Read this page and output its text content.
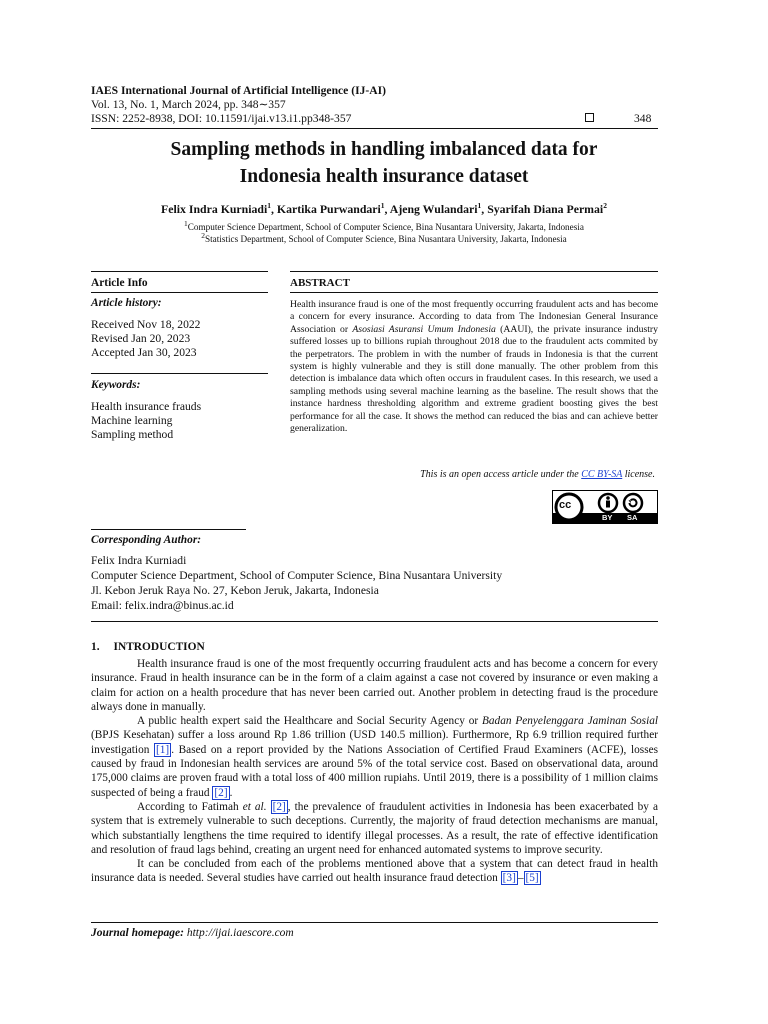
IAES International Journal of Artificial Intelligence (IJ-AI)
Vol. 13, No. 1, March 2024, pp. 348∼357
ISSN: 2252-8938, DOI: 10.11591/ijai.v13.i1.pp348-357	348
Sampling methods in handling imbalanced data for
Indonesia health insurance dataset
Felix Indra Kurniadi$^1$, Kartika Purwandari$^1$, Ajeng Wulandari$^1$, Syarifah Diana Permai$^2$
$^1$Computer Science Department, School of Computer Science, Bina Nusantara University, Jakarta, Indonesia
$^2$Statistics Department, School of Computer Science, Bina Nusantara University, Jakarta, Indonesia
Article Info
Article history:
Received Nov 18, 2022
Revised Jan 20, 2023
Accepted Jan 30, 2023
Keywords:
Health insurance frauds
Machine learning
Sampling method
ABSTRACT
Health insurance fraud is one of the most frequently occurring fraudulent acts and has become a concern for every insurance. According to data from The Indonesian General Insurance Association or Asosiasi Asuransi Umum Indonesia (AAUI), the private insurance industry suffered losses up to billions rupiah throughout 2018 due to the fraudulent acts commited by the perpetrators. The problem in with the number of frauds in Indonesia is that the current system is highly vulnerable and they is still done manually. The other problem from this detection is imbalance data which often occurs in fraudulent cases. In this research, we used a sampling methods using several machine learning as the baseline. The result shows that the instance hardness thresholding algorithm and extreme gradient boosting gives the best performance for all the case. It shows the method can reduced the bias and can achieve better generalization.
This is an open access article under the CC BY-SA license.
cc
BY SA
Corresponding Author:
Felix Indra Kurniadi
Computer Science Department, School of Computer Science, Bina Nusantara University
Jl. Kebon Jeruk Raya No. 27, Kebon Jeruk, Jakarta, Indonesia
Email: felix.indra@binus.ac.id
1. INTRODUCTION

Health insurance fraud is one of the most frequently occurring fraudulent acts and has become a concern for every insurance. Fraud in health insurance can be in the form of a claim against a case not covered by insurance or even making a claim for action on a health procedure that has never been carried out. Another problem in detecting fraud is the procedure always done in manually.

A public health expert said the Healthcare and Social Security Agency or Badan Penyelenggara Jaminan Sosial (BPJS Kesehatan) suffer a loss around Rp 1.86 trillion (USD 140.5 million). Furthermore, Rp 6.9 trillion required further investigation [1] . Based on a report provided by the Nations Association of Certified Fraud Examiners (ACFE), losses caused by fraud in Indonesian health services are around 5% of the total service cost. Based on observational data, around 175,000 claims are proven fraud with a total loss of 400 million rupiahs. Until 2019, there is a possibility of 1 million claims suspected of being a fraud [2] .

According to Fatimah et al. [2] , the prevalence of fraudulent activities in Indonesia has been exacerbated by a system that is extremely vulnerable to such deceptions. Currently, the majority of fraud detection mechanisms are manual, which substantially lengthens the time required to identify illegal processes. As a result, the rate of effective identification and resolution of fraud lags behind, creating an urgent need for enhanced automated systems to improve security.

It can be concluded from each of the problems mentioned above that a system that can detect fraud in health insurance data is needed. Several studies have carried out health insurance fraud detection [3] – [5]

Journal homepage: http://ijai.iaescore.com
